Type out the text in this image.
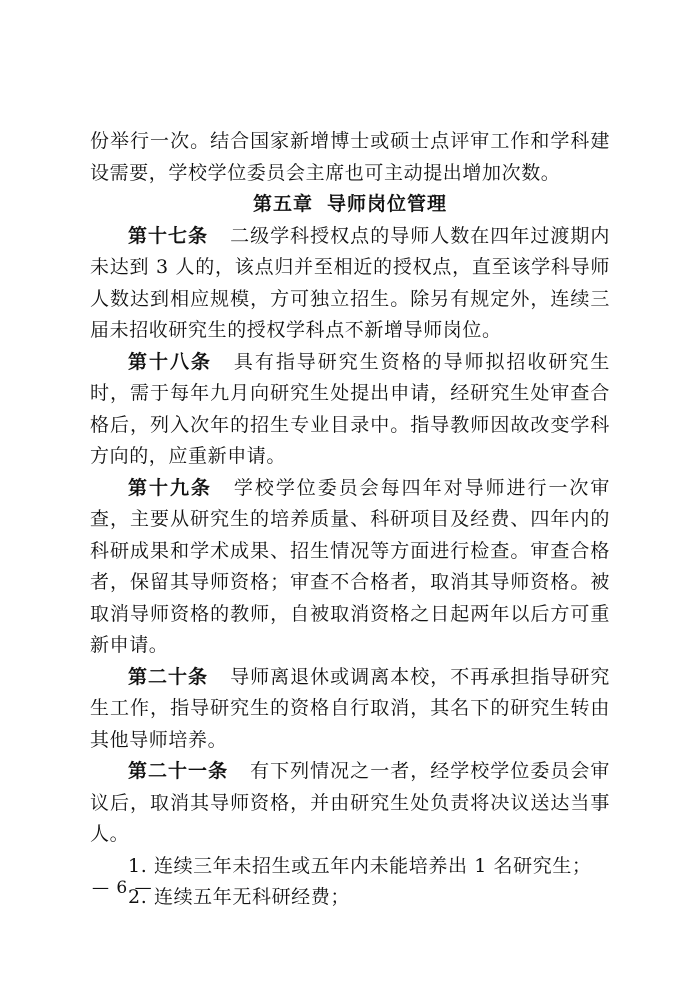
份举行一次。结合国家新增博士或硕士点评审工作和学科建设需要，学校学位委员会主席也可主动提出增加次数。

第五章 导师岗位管理

第十七条 二级学科授权点的导师人数在四年过渡期内未达到 3 人的，该点归并至相近的授权点，直至该学科导师人数达到相应规模，方可独立招生。除另有规定外，连续三届未招收研究生的授权学科点不新增导师岗位。

第十八条 具有指导研究生资格的导师拟招收研究生时，需于每年九月向研究生处提出申请，经研究生处审查合格后，列入次年的招生专业目录中。指导教师因故改变学科方向的，应重新申请。

第十九条 学校学位委员会每四年对导师进行一次审查，主要从研究生的培养质量、科研项目及经费、四年内的科研成果和学术成果、招生情况等方面进行检查。审查合格者，保留其导师资格；审查不合格者，取消其导师资格。被取消导师资格的教师，自被取消资格之日起两年以后方可重新申请。

第二十条 导师离退休或调离本校，不再承担指导研究生工作，指导研究生的资格自行取消，其名下的研究生转由其他导师培养。

第二十一条 有下列情况之一者，经学校学位委员会审议后，取消其导师资格，并由研究生处负责将决议送达当事人。

1. 连续三年未招生或五年内未能培养出 1 名研究生；

2. 连续五年无科研经费；

— 6 —
